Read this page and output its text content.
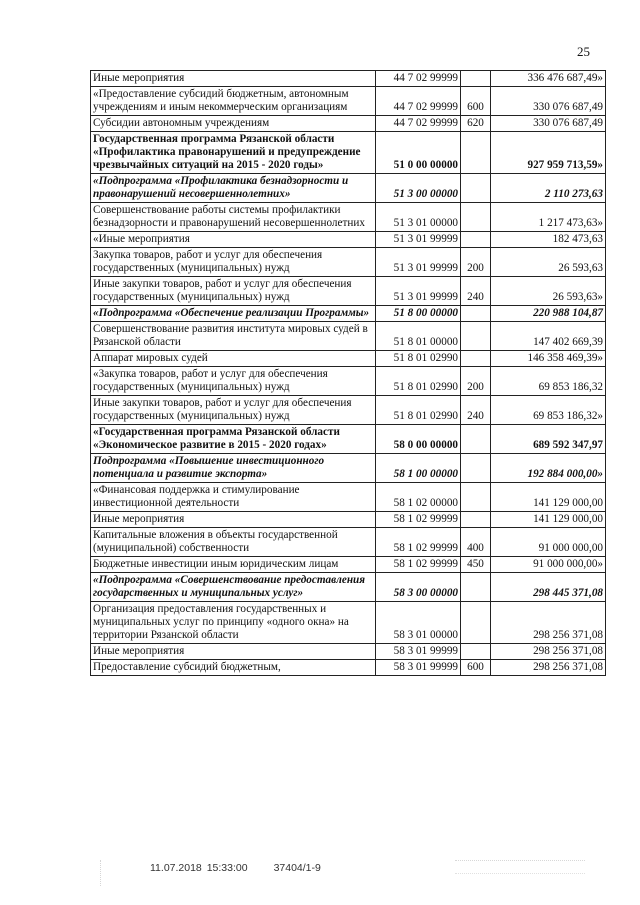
25
Иные мероприятия	44 7 02 99999		336 476 687,49»
«Предоставление субсидий бюджетным, автономным учреждениям и иным некоммерческим организациям	44 7 02 99999	600	330 076 687,49
Субсидии автономным учреждениям	44 7 02 99999	620	330 076 687,49
Государственная программа Рязанской области «Профилактика правонарушений и предупреждение чрезвычайных ситуаций на 2015 - 2020 годы»	51 0 00 00000		927 959 713,59»
«Подпрограмма «Профилактика безнадзорности и правонарушений несовершеннолетних»	51 3 00 00000		2 110 273,63
Совершенствование работы системы профилактики безнадзорности и правонарушений несовершеннолетних	51 3 01 00000		1 217 473,63»
«Иные мероприятия	51 3 01 99999		182 473,63
Закупка товаров, работ и услуг для обеспечения государственных (муниципальных) нужд	51 3 01 99999	200	26 593,63
Иные закупки товаров, работ и услуг для обеспечения государственных (муниципальных) нужд	51 3 01 99999	240	26 593,63»
«Подпрограмма «Обеспечение реализации Программы»	51 8 00 00000		220 988 104,87
Совершенствование развития института мировых судей в Рязанской области	51 8 01 00000		147 402 669,39
Аппарат мировых судей	51 8 01 02990		146 358 469,39»
«Закупка товаров, работ и услуг для обеспечения государственных (муниципальных) нужд	51 8 01 02990	200	69 853 186,32
Иные закупки товаров, работ и услуг для обеспечения государственных (муниципальных) нужд	51 8 01 02990	240	69 853 186,32»
«Государственная программа Рязанской области «Экономическое развитие в 2015 - 2020 годах»	58 0 00 00000		689 592 347,97
Подпрограмма «Повышение инвестиционного потенциала и развитие экспорта»	58 1 00 00000		192 884 000,00»
«Финансовая поддержка и стимулирование инвестиционной деятельности	58 1 02 00000		141 129 000,00
Иные мероприятия	58 1 02 99999		141 129 000,00
Капитальные вложения в объекты государственной (муниципальной) собственности	58 1 02 99999	400	91 000 000,00
Бюджетные инвестиции иным юридическим лицам	58 1 02 99999	450	91 000 000,00»
«Подпрограмма «Совершенствование предоставления государственных и муниципальных услуг»	58 3 00 00000		298 445 371,08
Организация предоставления государственных и муниципальных услуг по принципу «одного окна» на территории Рязанской области	58 3 01 00000		298 256 371,08
Иные мероприятия	58 3 01 99999		298 256 371,08
Предоставление субсидий бюджетным,	58 3 01 99999	600	298 256 371,08
11.07.2018 15:33:00 37404/1-9
